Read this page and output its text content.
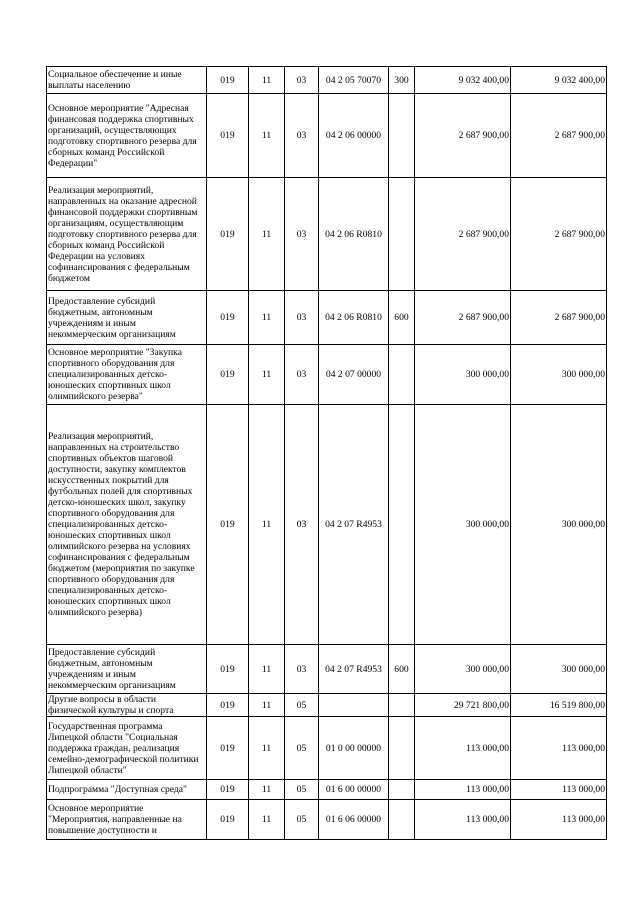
Социальное обеспечение и иные выплаты населению	019	11	03	04 2 05 70070	300	9 032 400,00	9 032 400,00
Основное мероприятие "Адресная финансовая поддержка спортивных организаций, осуществляющих подготовку спортивного резерва для сборных команд Российской Федерации"	019	11	03	04 2 06 00000		2 687 900,00	2 687 900,00
Реализация мероприятий, направленных на оказание адресной финансовой поддержки спортивным организациям, осуществляющим подготовку спортивного резерва для сборных команд Российской Федерации на условиях софинансирования с федеральным бюджетом	019	11	03	04 2 06 R0810		2 687 900,00	2 687 900,00
Предоставление субсидий бюджетным, автономным учреждениям и иным некоммерческим организациям	019	11	03	04 2 06 R0810	600	2 687 900,00	2 687 900,00
Основное мероприятие "Закупка спортивного оборудования для специализированных детско-юношеских спортивных школ олимпийского резерва"	019	11	03	04 2 07 00000		300 000,00	300 000,00
Реализация мероприятий, направленных на строительство спортивных объектов шаговой доступности, закупку комплектов искусственных покрытий для футбольных полей для спортивных детско-юношеских школ, закупку спортивного оборудования для специализированных детско-юношеских спортивных школ олимпийского резерва на условиях софинансирования с федеральным бюджетом (мероприятия по закупке спортивного оборудования для специализированных детско-юношеских спортивных школ олимпийского резерва)	019	11	03	04 2 07 R4953		300 000,00	300 000,00
Предоставление субсидий бюджетным, автономным учреждениям и иным некоммерческим организациям	019	11	03	04 2 07 R4953	600	300 000,00	300 000,00
Другие вопросы в области физической культуры и спорта	019	11	05			29 721 800,00	16 519 800,00
Государственная программа Липецкой области "Социальная поддержка граждан, реализация семейно-демографической политики Липецкой области"	019	11	05	01 0 00 00000		113 000,00	113 000,00
Подпрограмма "Доступная среда"	019	11	05	01 6 00 00000		113 000,00	113 000,00
Основное мероприятие "Мероприятия, направленные на повышение доступности и	019	11	05	01 6 06 00000		113 000,00	113 000,00
